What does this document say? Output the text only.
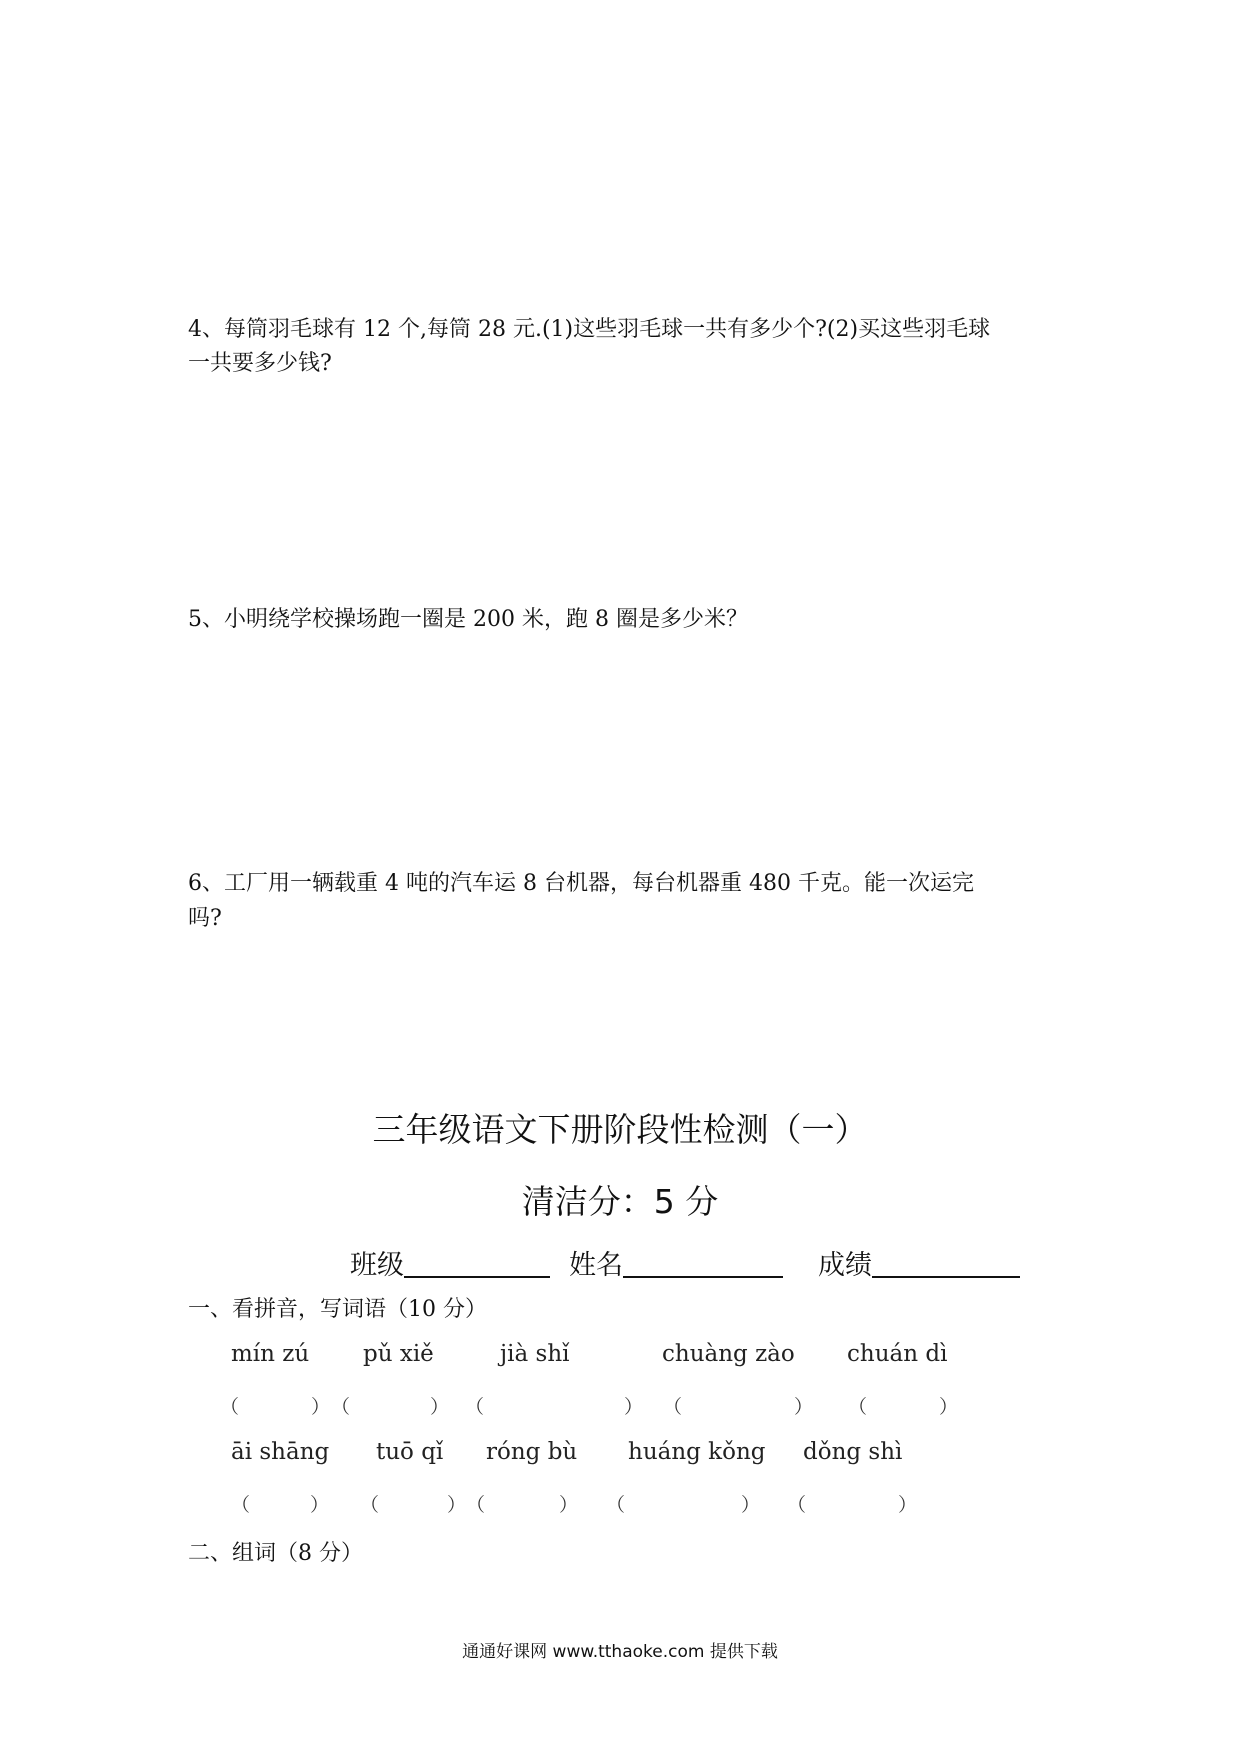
4、每筒羽毛球有 12 个,每筒 28 元.(1)这些羽毛球一共有多少个?(2)买这些羽毛球
一共要多少钱?
5、小明绕学校操场跑一圈是 200 米，跑 8 圈是多少米？
6、工厂用一辆载重 4 吨的汽车运 8 台机器，每台机器重 480 千克。能一次运完
吗?
三年级语文下册阶段性检测（一）
清洁分：5 分
班级	姓名	成绩
一、看拼音，写词语（10 分）
mín zú pǔ xiě	jià shǐ	chuàng zào chuán dì
（	） （	） （	） （	） （	）
āi shāng tuō qǐ róng bù huáng kǒng dǒng shì
（	） （	） （	） （	） （	）
二、组词（8 分）
通通好课网 www.tthaoke.com 提供下载
